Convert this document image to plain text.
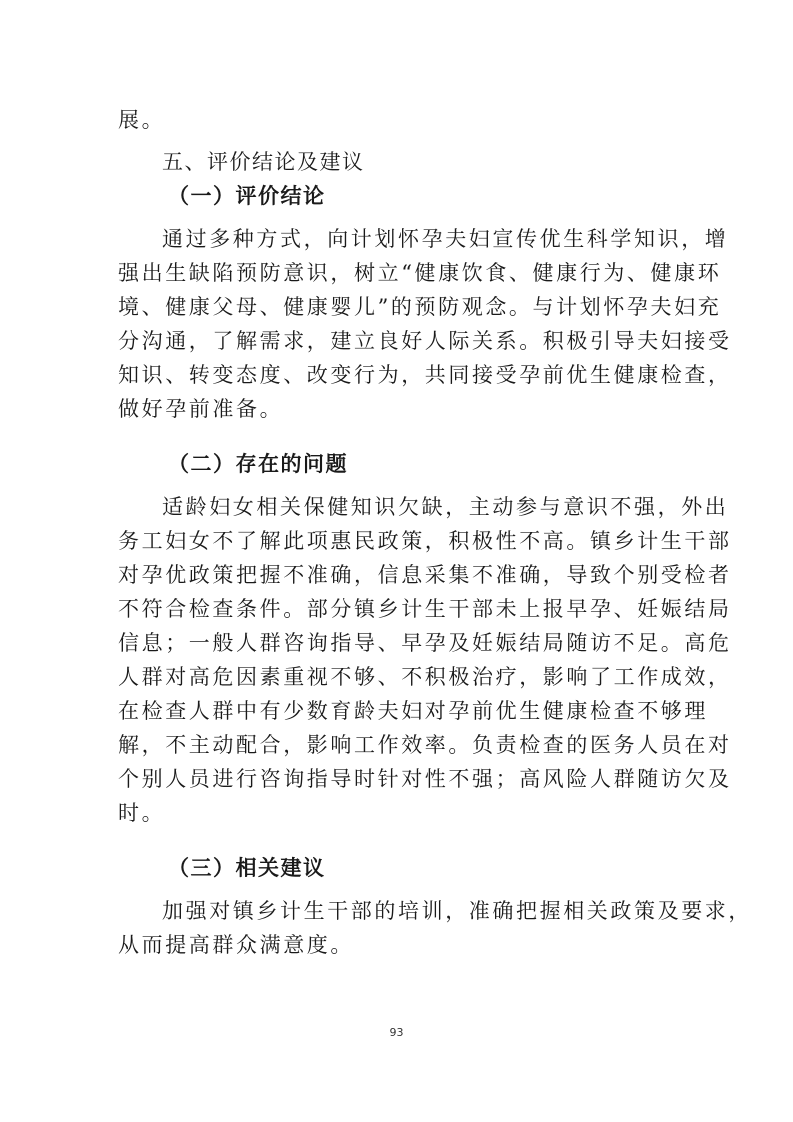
展。
五、评价结论及建议
（一）评价结论
通过多种方式，向计划怀孕夫妇宣传优生科学知识，增
强出生缺陷预防意识，树立“健康饮食、健康行为、健康环
境、健康父母、健康婴儿”的预防观念。与计划怀孕夫妇充
分沟通，了解需求，建立良好人际关系。积极引导夫妇接受
知识、转变态度、改变行为，共同接受孕前优生健康检查，
做好孕前准备。
（二）存在的问题
适龄妇女相关保健知识欠缺，主动参与意识不强，外出
务工妇女不了解此项惠民政策，积极性不高。镇乡计生干部
对孕优政策把握不准确，信息采集不准确，导致个别受检者
不符合检查条件。部分镇乡计生干部未上报早孕、妊娠结局
信息；一般人群咨询指导、早孕及妊娠结局随访不足。高危
人群对高危因素重视不够、不积极治疗，影响了工作成效，
在检查人群中有少数育龄夫妇对孕前优生健康检查不够理
解，不主动配合，影响工作效率。负责检查的医务人员在对
个别人员进行咨询指导时针对性不强；高风险人群随访欠及
时。
（三）相关建议
加强对镇乡计生干部的培训，准确把握相关政策及要求，
从而提高群众满意度。
93
